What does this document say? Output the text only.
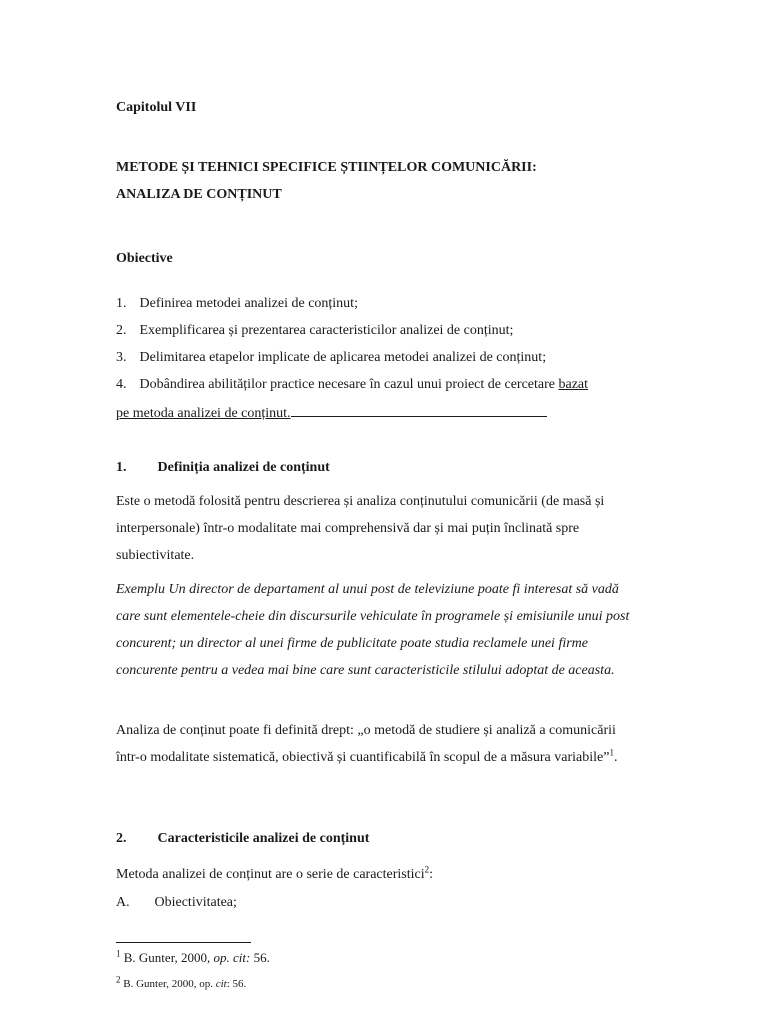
Capitolul VII
METODE ȘI TEHNICI SPECIFICE ȘTIINȚELOR COMUNICĂRII:
ANALIZA DE CONȚINUT
Obiective
1. Definirea metodei analizei de conținut;
2. Exemplificarea și prezentarea caracteristicilor analizei de conținut;
3. Delimitarea etapelor implicate de aplicarea metodei analizei de conținut;
4. Dobândirea abilităților practice necesare în cazul unui proiect de cercetare bazat
pe metoda analizei de conținut.
1. Definiția analizei de conținut
Este o metodă folosită pentru descrierea și analiza conținutului comunicării (de masă și interpersonale) într-o modalitate mai comprehensivă dar și mai puțin înclinată spre subiectivitate.
Exemplu Un director de departament al unui post de televiziune poate fi interesat să vadă care sunt elementele-cheie din discursurile vehiculate în programele și emisiunile unui post concurent; un director al unei firme de publicitate poate studia reclamele unei firme concurente pentru a vedea mai bine care sunt caracteristicile stilului adoptat de aceasta.
Analiza de conținut poate fi definită drept: „o metodă de studiere și analiză a comunicării într-o modalitate sistematică, obiectivă și cuantificabilă în scopul de a măsura variabile”$^1$.
2. Caracteristicile analizei de conținut
Metoda analizei de conținut are o serie de caracteristici$^2$:
A. Obiectivitatea;
$^1$ B. Gunter, 2000, op. cit: 56.
$^2$ B. Gunter, 2000, op. cit: 56.
